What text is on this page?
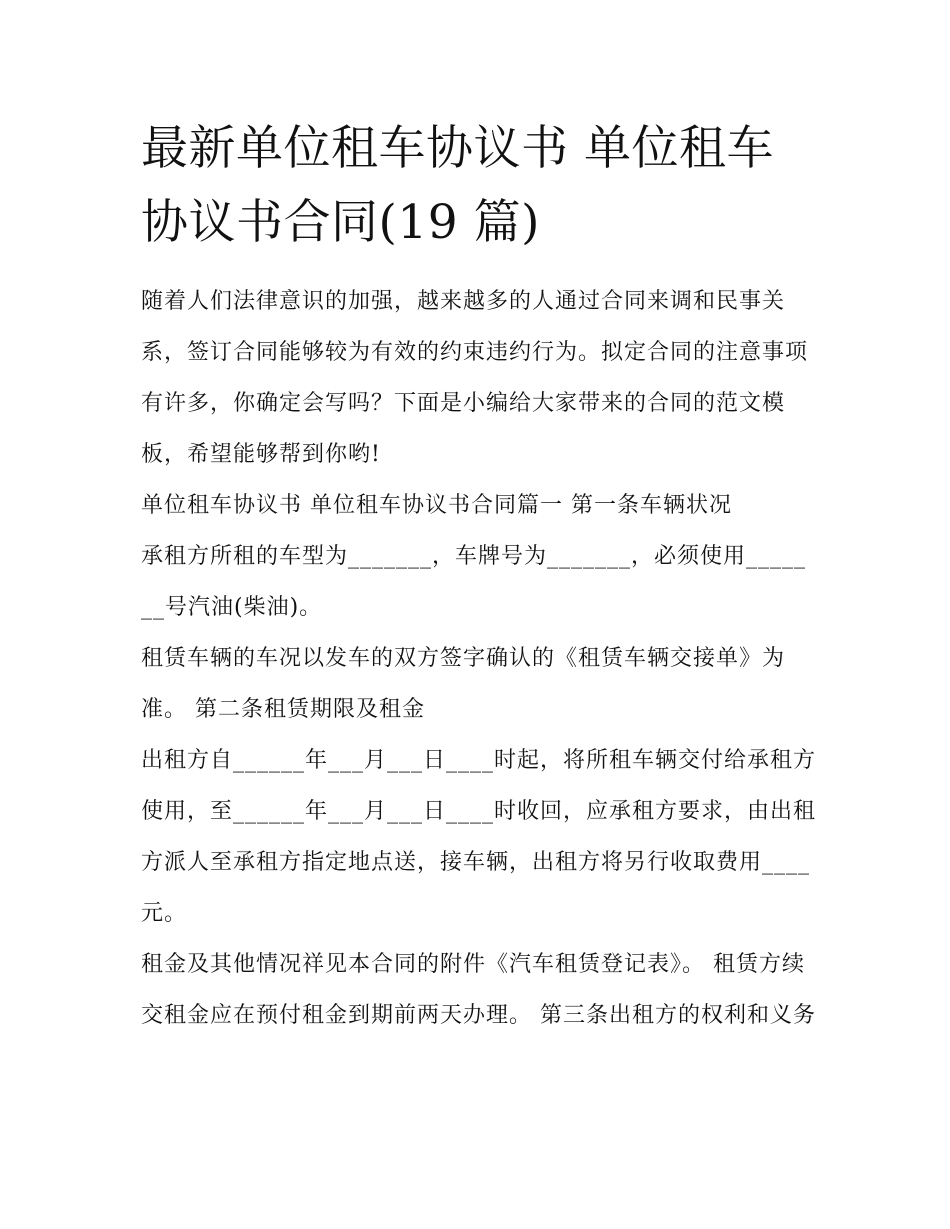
最新单位租车协议书 单位租车
协议书合同(19 篇)

随着人们法律意识的加强，越来越多的人通过合同来调和民事关系，签订合同能够较为有效的约束违约行为。拟定合同的注意事项有许多，你确定会写吗？下面是小编给大家带来的合同的范文模板，希望能够帮到你哟!

单位租车协议书 单位租车协议书合同篇一 第一条车辆状况

承租方所租的车型为_______，车牌号为_______，必须使用_______号汽油(柴油)。

租赁车辆的车况以发车的双方签字确认的《租赁车辆交接单》为准。 第二条租赁期限及租金

出租方自______年___月___日____时起，将所租车辆交付给承租方使用，至______年___月___日____时收回，应承租方要求，由出租方派人至承租方指定地点送，接车辆，出租方将另行收取费用____元。

租金及其他情况祥见本合同的附件《汽车租赁登记表》。 租赁方续交租金应在预付租金到期前两天办理。 第三条出租方的权利和义务
